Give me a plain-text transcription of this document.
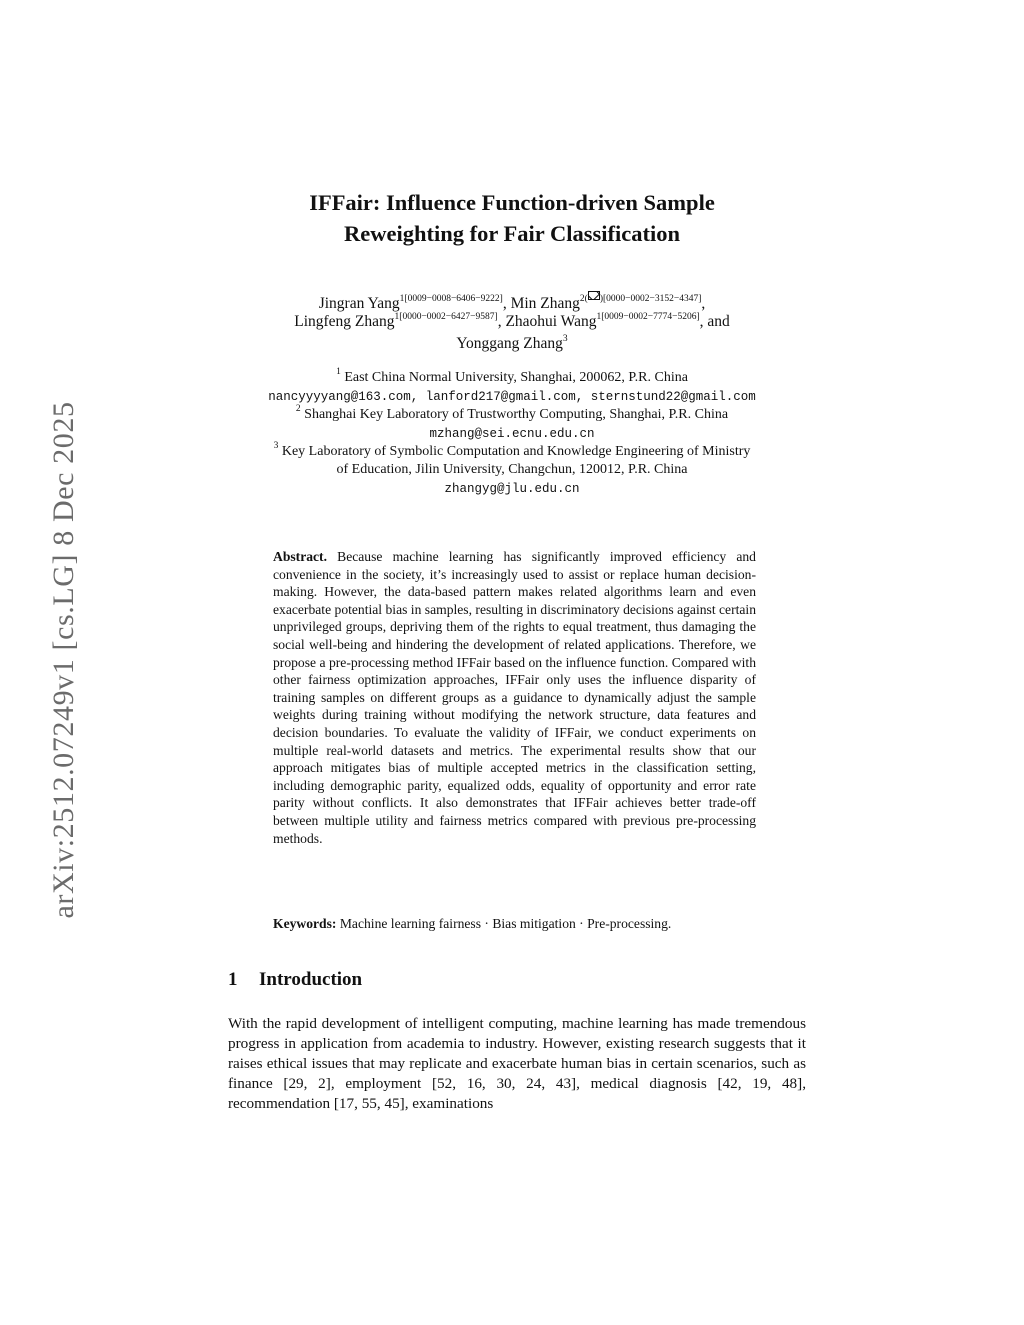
arXiv:2512.07249v1 [cs.LG] 8 Dec 2025
IFFair: Influence Function-driven Sample
Reweighting for Fair Classification
Jingran Yang$^{1[0009-0008-6406-9222]}$, Min Zhang$^{2( )[0000-0002-3152-4347]}$,
Lingfeng Zhang$^{1[0000-0002-6427-9587]}$, Zhaohui Wang$^{1[0009-0002-7774-5206]}$, and
Yonggang Zhang$^3$
$^1$ East China Normal University, Shanghai, 200062, P.R. China
nancyyyyang@163.com, lanford217@gmail.com, sternstund22@gmail.com
$^2$ Shanghai Key Laboratory of Trustworthy Computing, Shanghai, P.R. China
mzhang@sei.ecnu.edu.cn
$^3$ Key Laboratory of Symbolic Computation and Knowledge Engineering of Ministry
of Education, Jilin University, Changchun, 120012, P.R. China
zhangyg@jlu.edu.cn
Abstract. Because machine learning has significantly improved efficiency and convenience in the society, it’s increasingly used to assist or replace human decision-making. However, the data-based pattern makes related algorithms learn and even exacerbate potential bias in samples, resulting in discriminatory decisions against certain unprivileged groups, depriving them of the rights to equal treatment, thus damaging the social well-being and hindering the development of related applications. Therefore, we propose a pre-processing method IFFair based on the influence function. Compared with other fairness optimization approaches, IFFair only uses the influence disparity of training samples on different groups as a guidance to dynamically adjust the sample weights during training without modifying the network structure, data features and decision boundaries. To evaluate the validity of IFFair, we conduct experiments on multiple real-world datasets and metrics. The experimental results show that our approach mitigates bias of multiple accepted metrics in the classification setting, including demographic parity, equalized odds, equality of opportunity and error rate parity without conflicts. It also demonstrates that IFFair achieves better trade-off between multiple utility and fairness metrics compared with previous pre-processing methods.
Keywords: Machine learning fairness · Bias mitigation · Pre-processing.
1 Introduction
With the rapid development of intelligent computing, machine learning has made tremendous progress in application from academia to industry. However, existing research suggests that it raises ethical issues that may replicate and exacerbate human bias in certain scenarios, such as finance [29, 2], employment [52, 16, 30, 24, 43], medical diagnosis [42, 19, 48], recommendation [17, 55, 45], examinations
